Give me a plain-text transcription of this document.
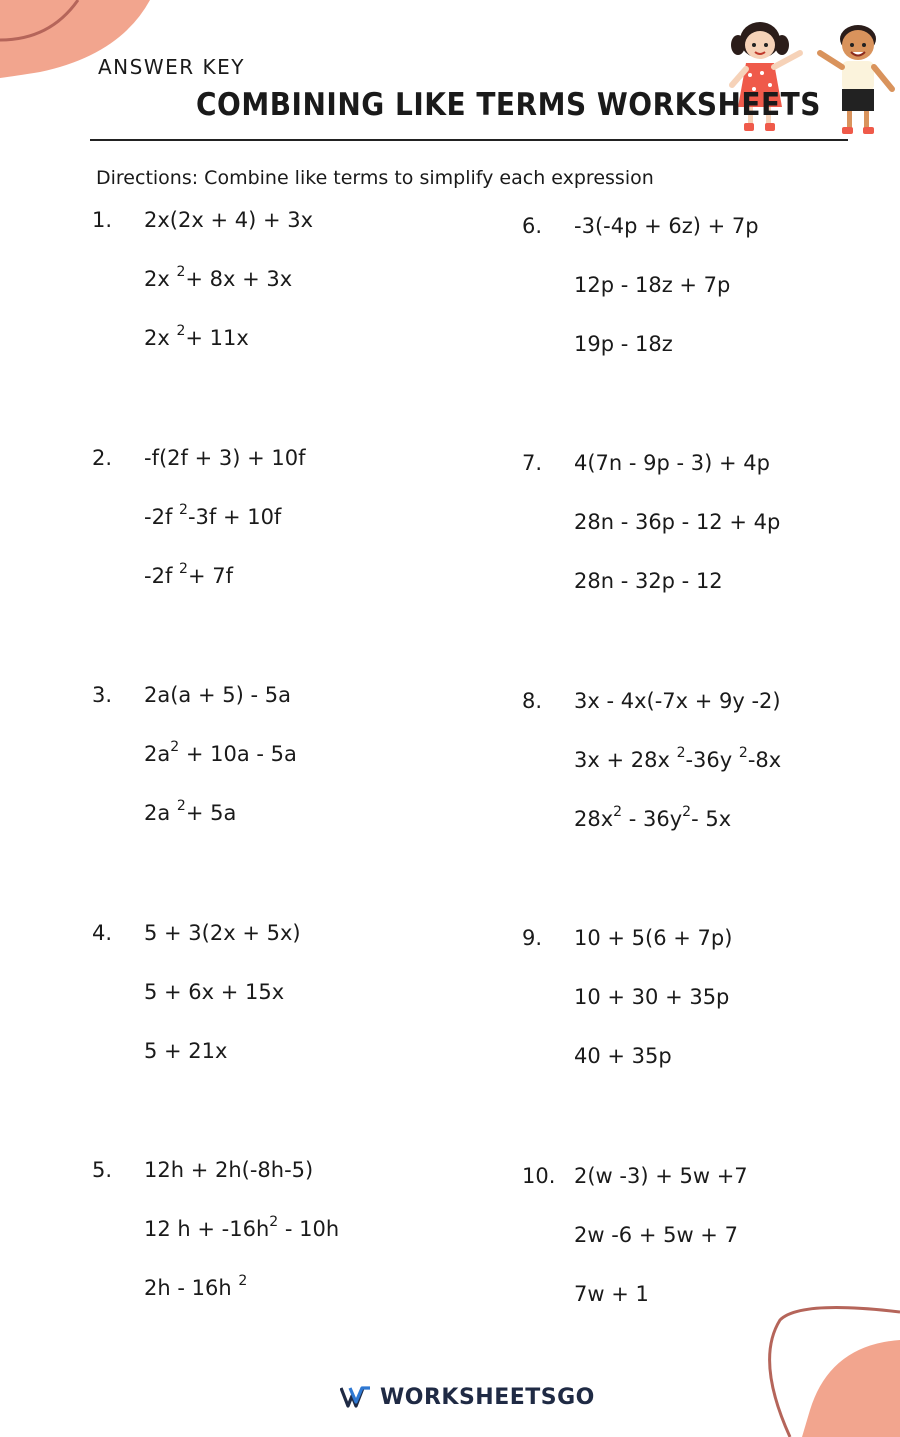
ANSWER KEY
COMBINING LIKE TERMS WORKSHEETS
Directions: Combine like terms to simplify each expression
1. 2x(2x + 4) + 3x
2x $^2$+ 8x + 3x
2x $^2$+ 11x
2. -f(2f + 3) + 10f
-2f $^2$-3f + 10f
-2f $^2$+ 7f
3. 2a(a + 5) - 5a
$2a^2 + 10a - 5a$
2a $^2$+ 5a
4. 5 + 3(2x + 5x)
5 + 6x + 15x
5 + 21x
5. 12h + 2h(-8h-5)
12 $h + -16h^2 - 10h$
2h - 16h $^2$
6. -3(-4p + 6z) + 7p
12p - 18z + 7p
19p - 18z
7. 4(7n - 9p - 3) + 4p
28n - 36p - 12 + 4p
28n - 32p - 12
8. 3x - 4x(-7x + 9y -2)
3x + 28x $^2$-36y $^2$-8x
$28x^2 - 36y^2-$ 5x
9. 10 + 5(6 + 7p)
10 + 30 + 35p
40 + 35p
10. 2(w -3) + 5w +7
2w -6 + 5w + 7
7w + 1
WORKSHEETSGO
